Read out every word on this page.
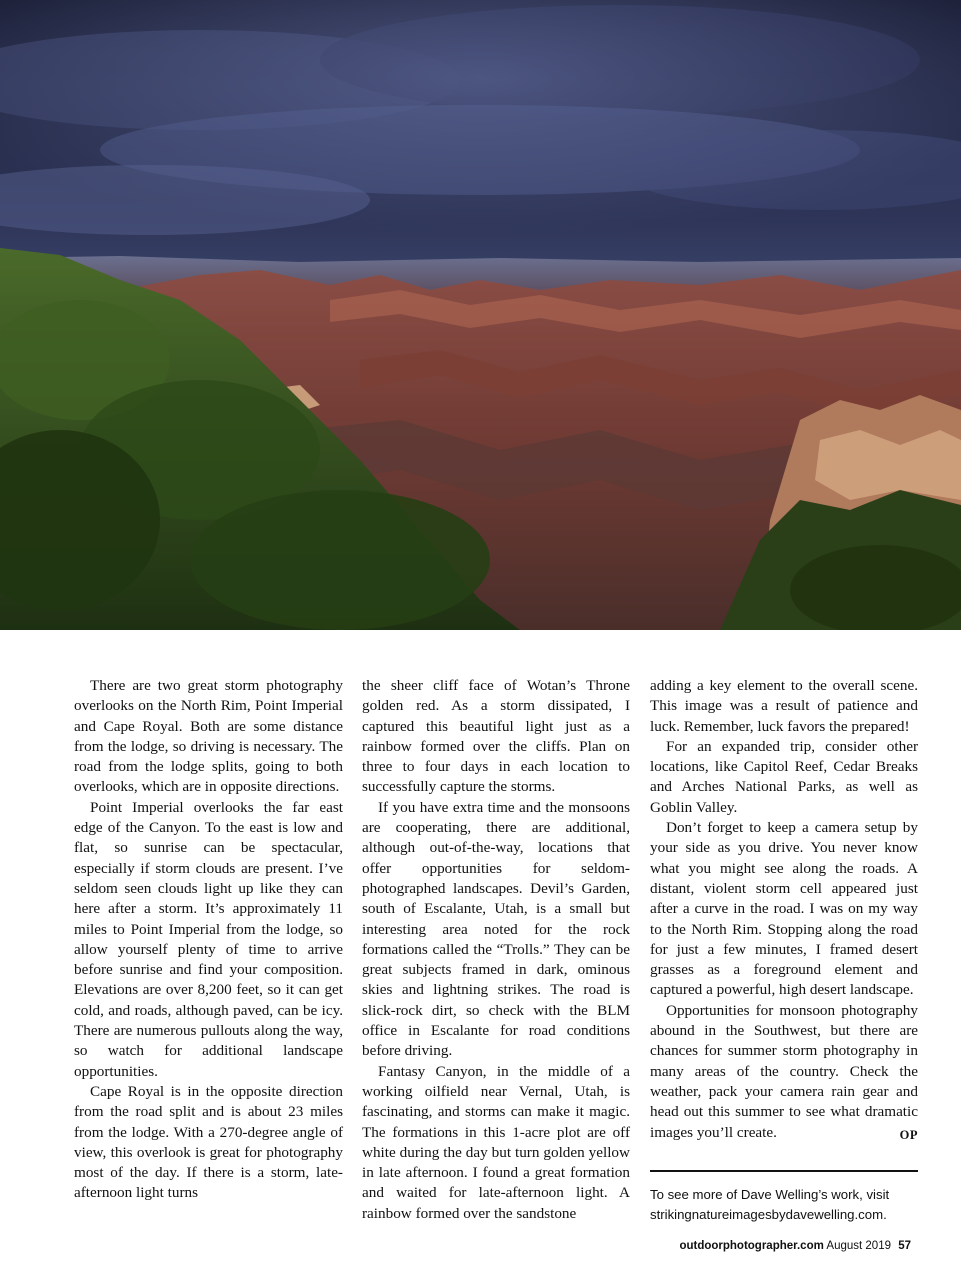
There are two great storm photography overlooks on the North Rim, Point Imperial and Cape Royal. Both are some distance from the lodge, so driving is necessary. The road from the lodge splits, going to both overlooks, which are in opposite directions.

Point Imperial overlooks the far east edge of the Canyon. To the east is low and flat, so sunrise can be spectacular, especially if storm clouds are present. I’ve seldom seen clouds light up like they can here after a storm. It’s approximately 11 miles to Point Imperial from the lodge, so allow yourself plenty of time to arrive before sunrise and find your composition. Elevations are over 8,200 feet, so it can get cold, and roads, although paved, can be icy. There are numerous pullouts along the way, so watch for additional landscape opportunities.

Cape Royal is in the opposite direction from the road split and is about 23 miles from the lodge. With a 270-degree angle of view, this overlook is great for photography most of the day. If there is a storm, late-afternoon light turns

the sheer cliff face of Wotan’s Throne golden red. As a storm dissipated, I captured this beautiful light just as a rainbow formed over the cliffs. Plan on three to four days in each location to successfully capture the storms.

If you have extra time and the monsoons are cooperating, there are additional, although out-of-the-way, locations that offer opportunities for seldom-photographed landscapes. Devil’s Garden, south of Escalante, Utah, is a small but interesting area noted for the rock formations called the “Trolls.” They can be great subjects framed in dark, ominous skies and lightning strikes. The road is slick-rock dirt, so check with the BLM office in Escalante for road conditions before driving.

Fantasy Canyon, in the middle of a working oilfield near Vernal, Utah, is fascinating, and storms can make it magic. The formations in this 1-acre plot are off white during the day but turn golden yellow in late afternoon. I found a great formation and waited for late-afternoon light. A rainbow formed over the sandstone

adding a key element to the overall scene. This image was a result of patience and luck. Remember, luck favors the prepared!

For an expanded trip, consider other locations, like Capitol Reef, Cedar Breaks and Arches National Parks, as well as Goblin Valley.

Don’t forget to keep a camera setup by your side as you drive. You never know what you might see along the roads. A distant, violent storm cell appeared just after a curve in the road. I was on my way to the North Rim. Stopping along the road for just a few minutes, I framed desert grasses as a foreground element and captured a powerful, high desert landscape.

Opportunities for monsoon photography abound in the Southwest, but there are chances for summer storm photography in many areas of the country. Check the weather, pack your camera rain gear and head out this summer to see what dramatic images you’ll create.	OP

To see more of Dave Welling’s work, visit
strikingnatureimagesbydavewelling.com.
outdoorphotographer.com August 2019 57
